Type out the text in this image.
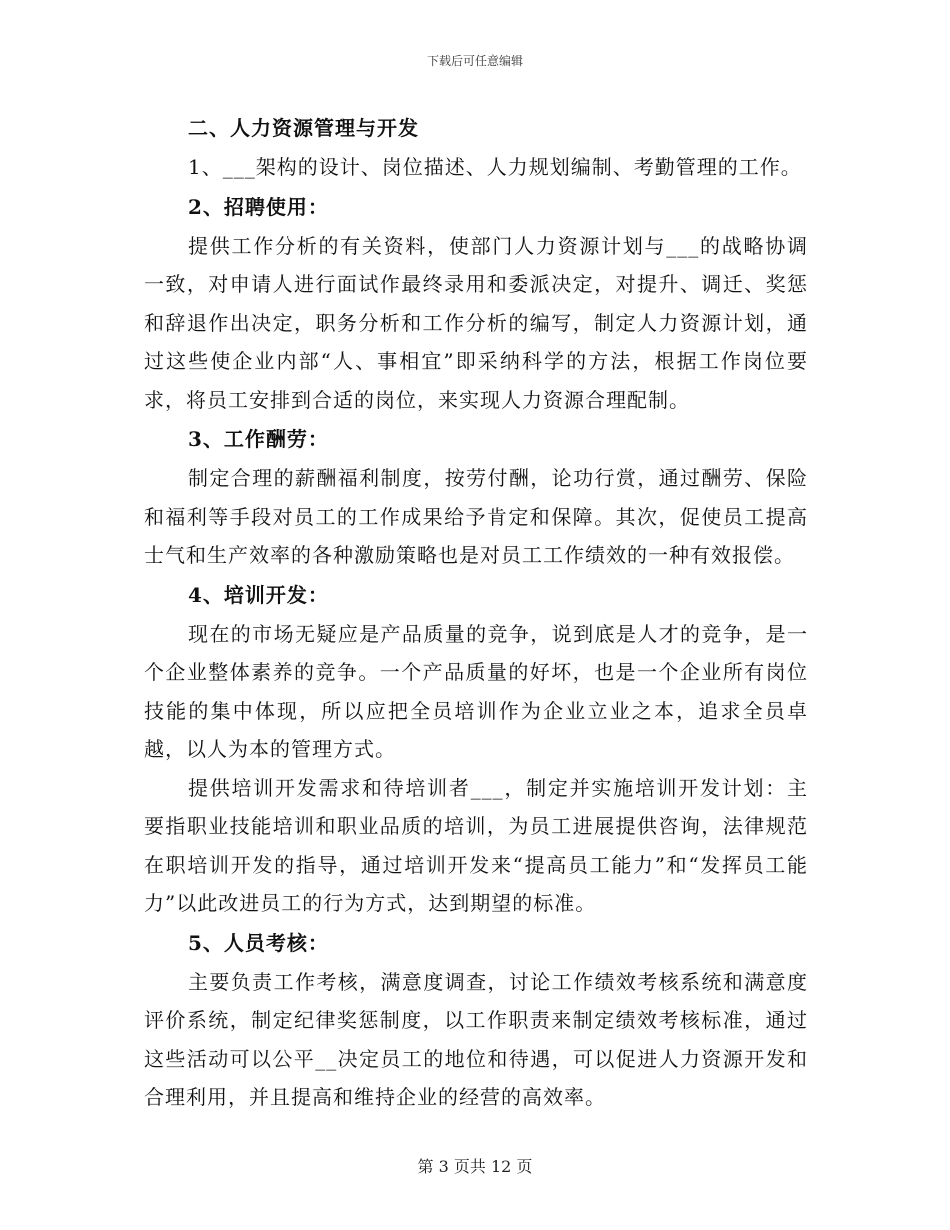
下载后可任意编辑

二、人力资源管理与开发

1、___架构的设计、岗位描述、人力规划编制、考勤管理的工作。

2、招聘使用：

提供工作分析的有关资料，使部门人力资源计划与___的战略协调一致，对申请人进行面试作最终录用和委派决定，对提升、调迁、奖惩和辞退作出决定，职务分析和工作分析的编写，制定人力资源计划，通过这些使企业内部“人、事相宜”即采纳科学的方法，根据工作岗位要求，将员工安排到合适的岗位，来实现人力资源合理配制。

3、工作酬劳：

制定合理的薪酬福利制度，按劳付酬，论功行赏，通过酬劳、保险和福利等手段对员工的工作成果给予肯定和保障。其次，促使员工提高士气和生产效率的各种激励策略也是对员工工作绩效的一种有效报偿。

4、培训开发：

现在的市场无疑应是产品质量的竞争，说到底是人才的竞争，是一个企业整体素养的竞争。一个产品质量的好坏，也是一个企业所有岗位技能的集中体现，所以应把全员培训作为企业立业之本，追求全员卓越，以人为本的管理方式。

提供培训开发需求和待培训者___，制定并实施培训开发计划：主要指职业技能培训和职业品质的培训，为员工进展提供咨询，法律规范在职培训开发的指导，通过培训开发来“提高员工能力”和“发挥员工能力”以此改进员工的行为方式，达到期望的标准。

5、人员考核：

主要负责工作考核，满意度调查，讨论工作绩效考核系统和满意度评价系统，制定纪律奖惩制度，以工作职责来制定绩效考核标准，通过这些活动可以公平__决定员工的地位和待遇，可以促进人力资源开发和合理利用，并且提高和维持企业的经营的高效率。

第 3 页共 12 页
